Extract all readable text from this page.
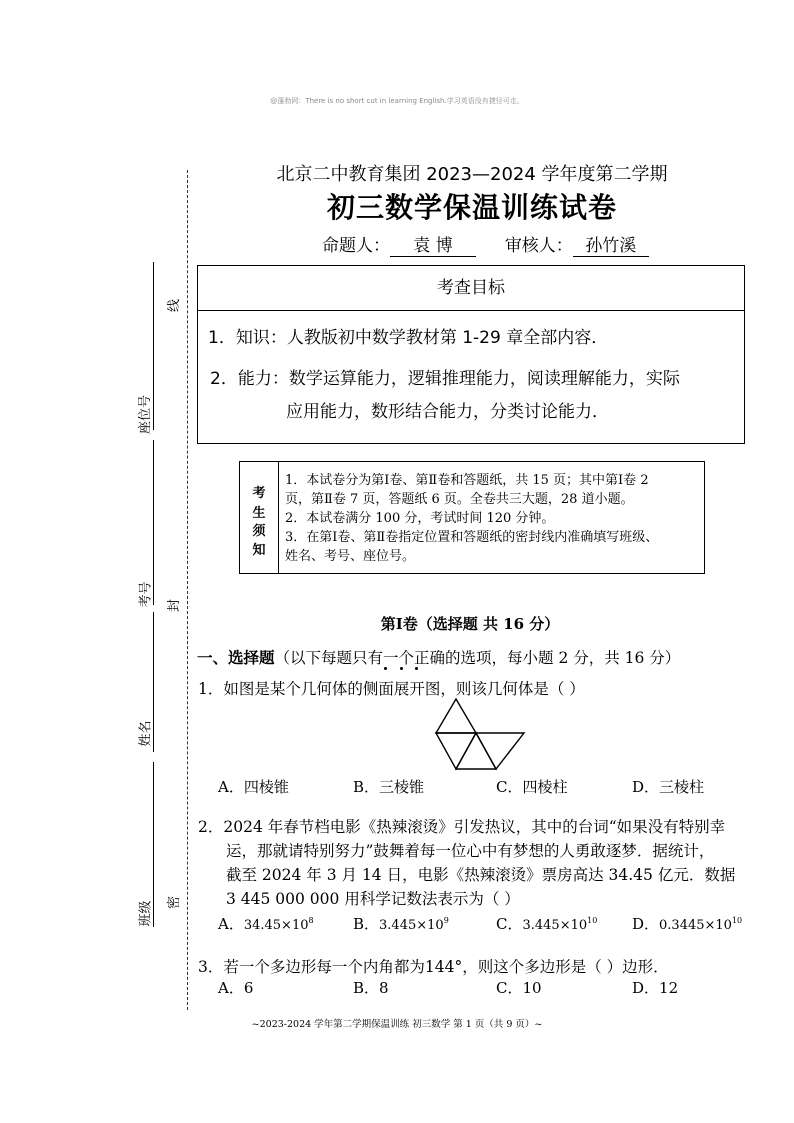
@蓬勃网：There is no short cut in learning English.学习英语没有捷径可走。
座位号
考号
姓名
班级
线
封
密
北京二中教育集团 2023—2024 学年度第二学期
初三数学保温训练试卷
命题人： 袁 博	审核人： 孙竹溪
考查目标
1．知识：人教版初中数学教材第 1-29 章全部内容．
2．能力：数学运算能力，逻辑推理能力，阅读理解能力，实际
应用能力，数形结合能力，分类讨论能力．
考
生
须
知
1．本试卷分为第Ⅰ卷、第Ⅱ卷和答题纸，共 15 页；其中第Ⅰ卷 2
页，第Ⅱ卷 7 页，答题纸 6 页。全卷共三大题，28 道小题。
2．本试卷满分 100 分，考试时间 120 分钟。
3．在第Ⅰ卷、第Ⅱ卷指定位置和答题纸的密封线内准确填写班级、
姓名、考号、座位号。
第Ⅰ卷（选择题 共 16 分）
一、选择题（以下每题只有一个正确的选项，每小题 2 分，共 16 分）
1．如图是某个几何体的侧面展开图，则该几何体是（ ）
A．四棱锥	B．三棱锥	C．四棱柱	D．三棱柱
2．2024 年春节档电影《热辣滚烫》引发热议，其中的台词“如果没有特别幸
运，那就请特别努力”鼓舞着每一位心中有梦想的人勇敢逐梦．据统计，
截至 2024 年 3 月 14 日，电影《热辣滚烫》票房高达 34.45 亿元．数据
3 445 000 000 用科学记数法表示为（ ）
A．$34.45\times 10^8$	B．$3.445\times 10^9$	C．$3.445\times 10^{10}$ D．$0.3445\times 10^{10}$
3．若一个多边形每一个内角都为144°，则这个多边形是（ ）边形．
A．6	B．8	C．10	D．12
~2023-2024 学年第二学期保温训练 初三数学 第 1 页（共 9 页）~
